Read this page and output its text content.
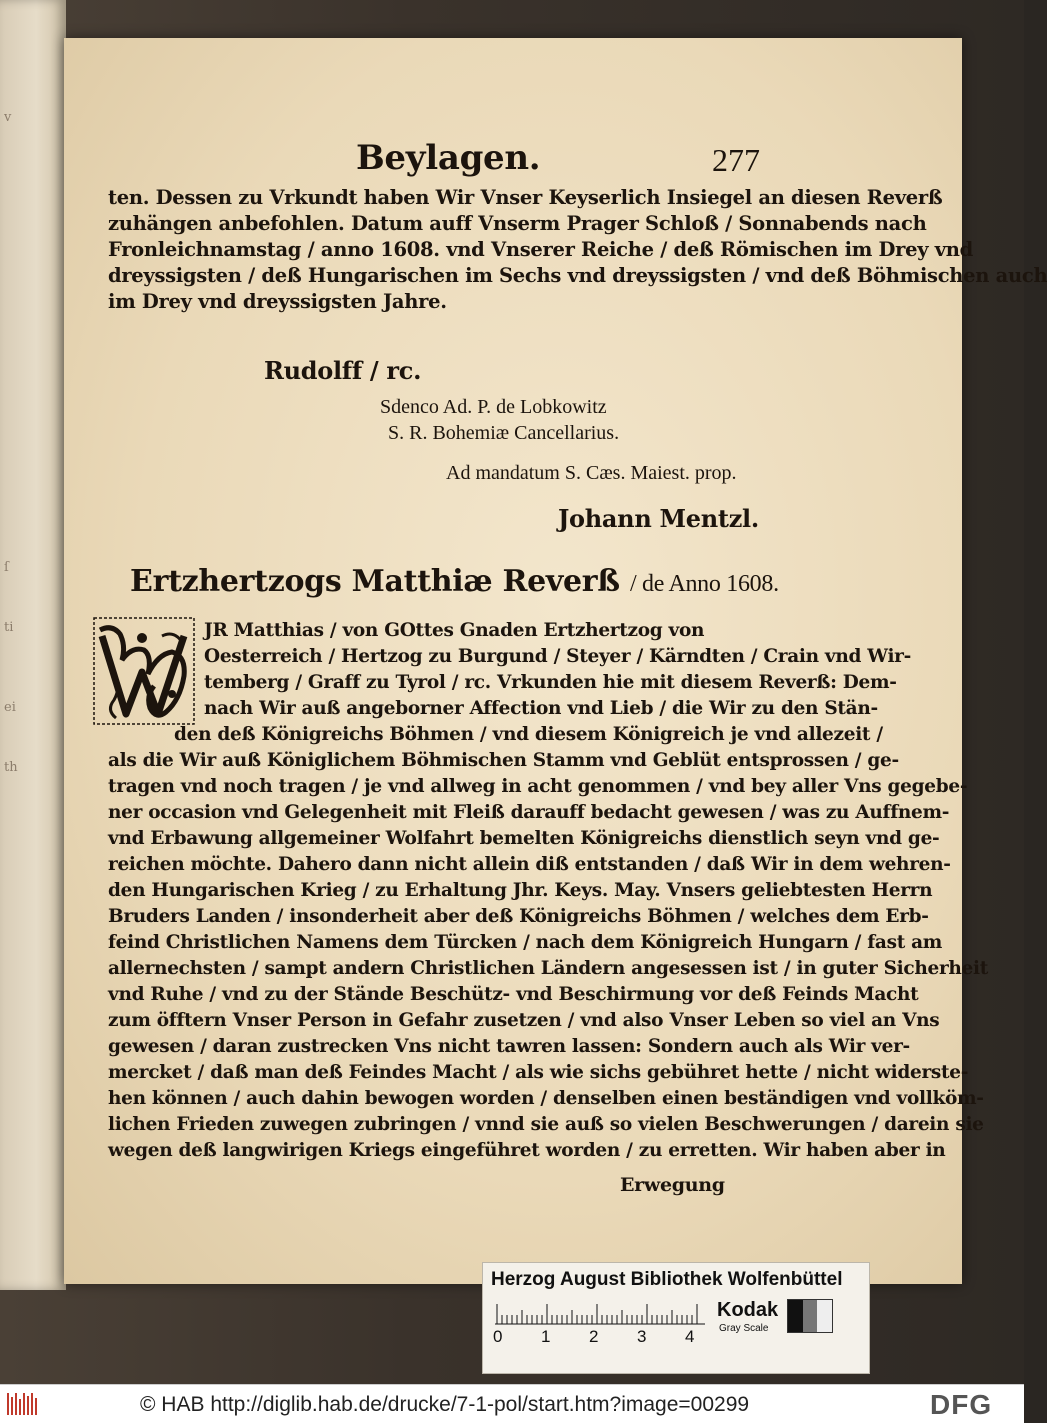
v
ſ
ti
ei
th
Beylagen.	277
ten. Dessen zu Vrkundt haben Wir Vnser Keyserlich Insiegel an diesen Reverß
zuhängen anbefohlen. Datum auff Vnserm Prager Schloß / Sonnabends nach
Fronleichnamstag / anno 1608. vnd Vnserer Reiche / deß Römischen im Drey vnd
dreyssigsten / deß Hungarischen im Sechs vnd dreyssigsten / vnd deß Böhmischen auch
im Drey vnd dreyssigsten Jahre.
Rudolff / rc.
Sdenco Ad. P. de Lobkowitz
S. R. Bohemiæ Cancellarius.
Ad mandatum S. Cæs. Maiest. prop.
Johann Mentzl.
Ertzhertzogs Matthiæ Reverß / de Anno 1608.
JR Matthias / von GOttes Gnaden Ertzhertzog von
Oesterreich / Hertzog zu Burgund / Steyer / Kärndten / Crain vnd Wir-
temberg / Graff zu Tyrol / rc. Vrkunden hie mit diesem Reverß: Dem-
nach Wir auß angeborner Affection vnd Lieb / die Wir zu den Stän-
den deß Königreichs Böhmen / vnd diesem Königreich je vnd allezeit /
als die Wir auß Königlichem Böhmischen Stamm vnd Geblüt entsprossen / ge-
tragen vnd noch tragen / je vnd allweg in acht genommen / vnd bey aller Vns gegebe-
ner occasion vnd Gelegenheit mit Fleiß darauff bedacht gewesen / was zu Auffnem-
vnd Erbawung allgemeiner Wolfahrt bemelten Königreichs dienstlich seyn vnd ge-
reichen möchte. Dahero dann nicht allein diß entstanden / daß Wir in dem wehren-
den Hungarischen Krieg / zu Erhaltung Jhr. Keys. May. Vnsers geliebtesten Herrn
Bruders Landen / insonderheit aber deß Königreichs Böhmen / welches dem Erb-
feind Christlichen Namens dem Türcken / nach dem Königreich Hungarn / fast am
allernechsten / sampt andern Christlichen Ländern angesessen ist / in guter Sicherheit
vnd Ruhe / vnd zu der Stände Beschütz- vnd Beschirmung vor deß Feinds Macht
zum öfftern Vnser Person in Gefahr zusetzen / vnd also Vnser Leben so viel an Vns
gewesen / daran zustrecken Vns nicht tawren lassen: Sondern auch als Wir ver-
mercket / daß man deß Feindes Macht / als wie sichs gebühret hette / nicht widerste-
hen können / auch dahin bewogen worden / denselben einen beständigen vnd vollköm-
lichen Frieden zuwegen zubringen / vnnd sie auß so vielen Beschwerungen / darein sie
wegen deß langwirigen Kriegs eingeführet worden / zu erretten. Wir haben aber in
Erwegung
Herzog August Bibliothek Wolfenbüttel
0 1 2 3 4
Kodak
Gray Scale
© HAB http://diglib.hab.de/drucke/7-1-pol/start.htm?image=00299	DFG
